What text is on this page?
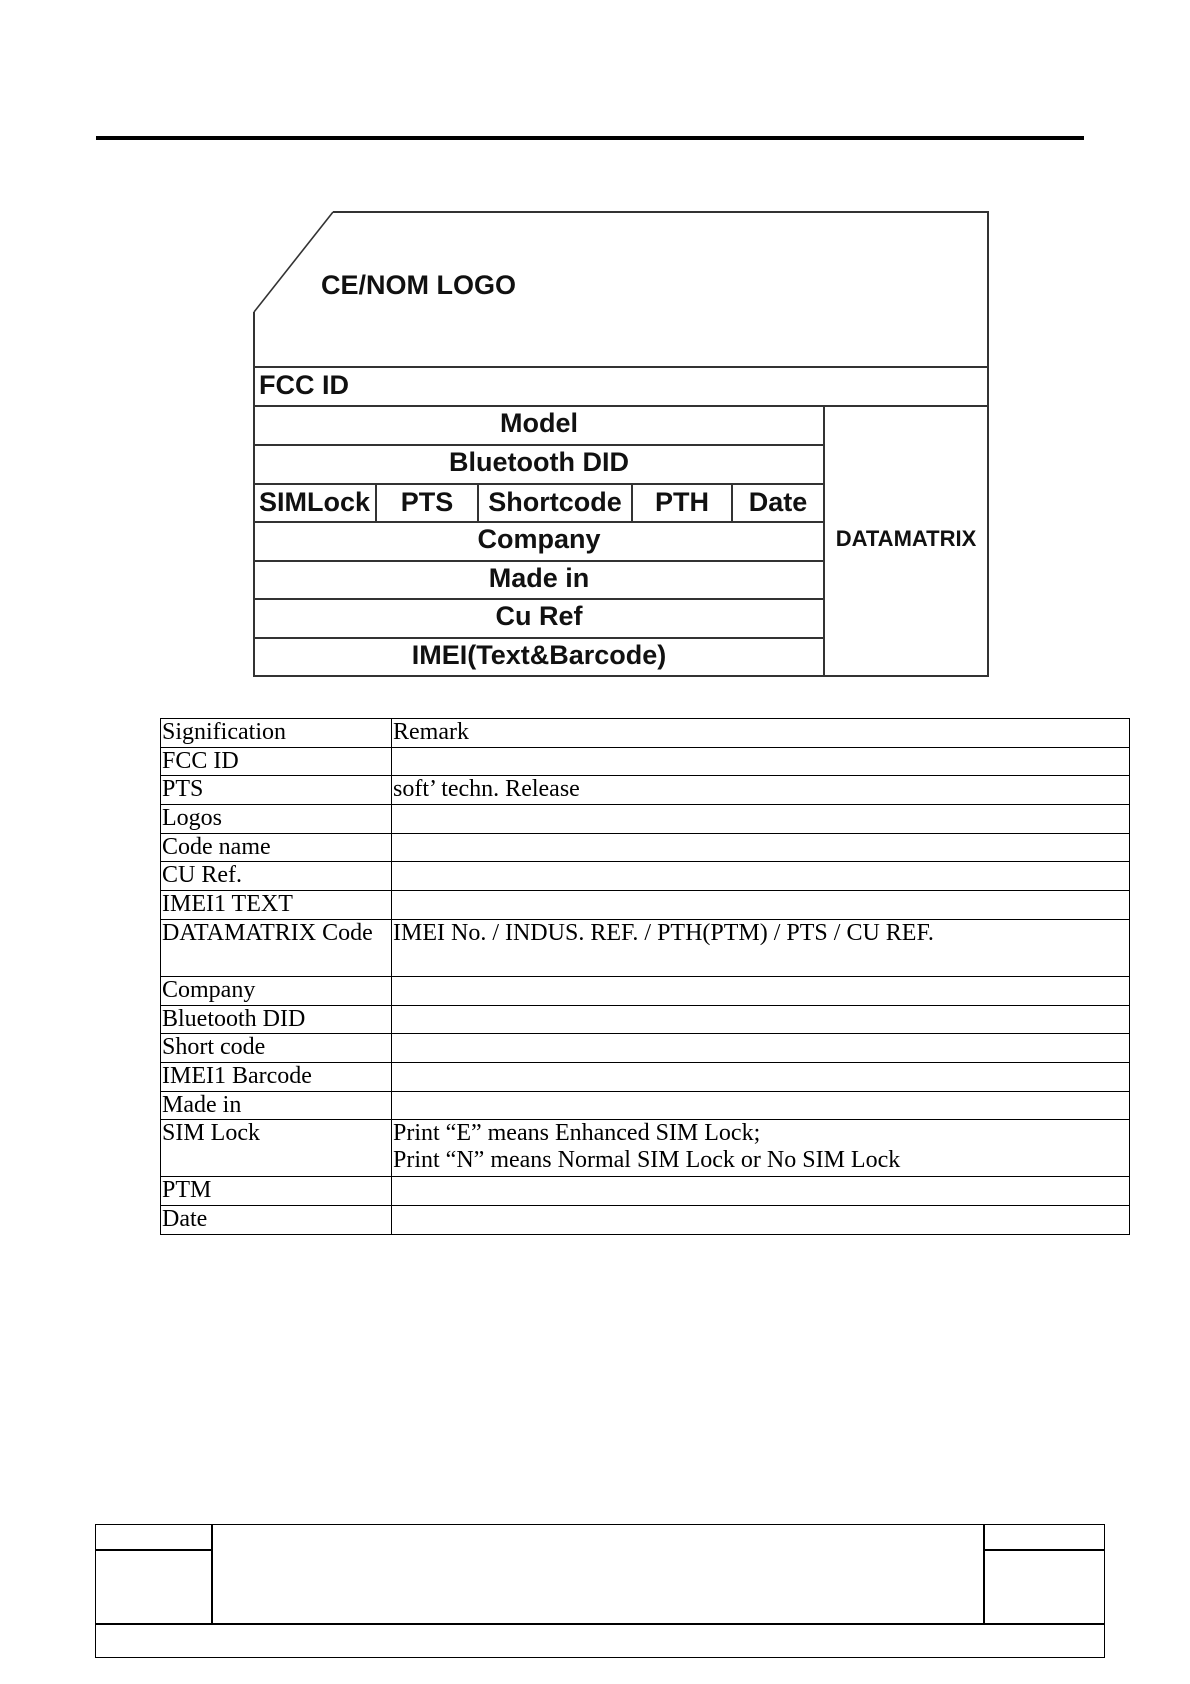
CE/NOM LOGO
FCC ID
Model
Bluetooth DID
SIMLock	PTS	Shortcode	PTH	Date
Company
Made in
Cu Ref
IMEI(Text&Barcode)
DATAMATRIX
Signification	Remark
FCC ID	
PTS	soft’ techn. Release
Logos	
Code name	
CU Ref.	
IMEI1 TEXT	
DATAMATRIX Code	IMEI No. / INDUS. REF. / PTH(PTM) / PTS / CU REF.
Company	
Bluetooth DID	
Short code	
IMEI1 Barcode	
Made in	
SIM Lock	Print “E” means Enhanced SIM Lock;
Print “N” means Normal SIM Lock or No SIM Lock

PTM	
Date	
